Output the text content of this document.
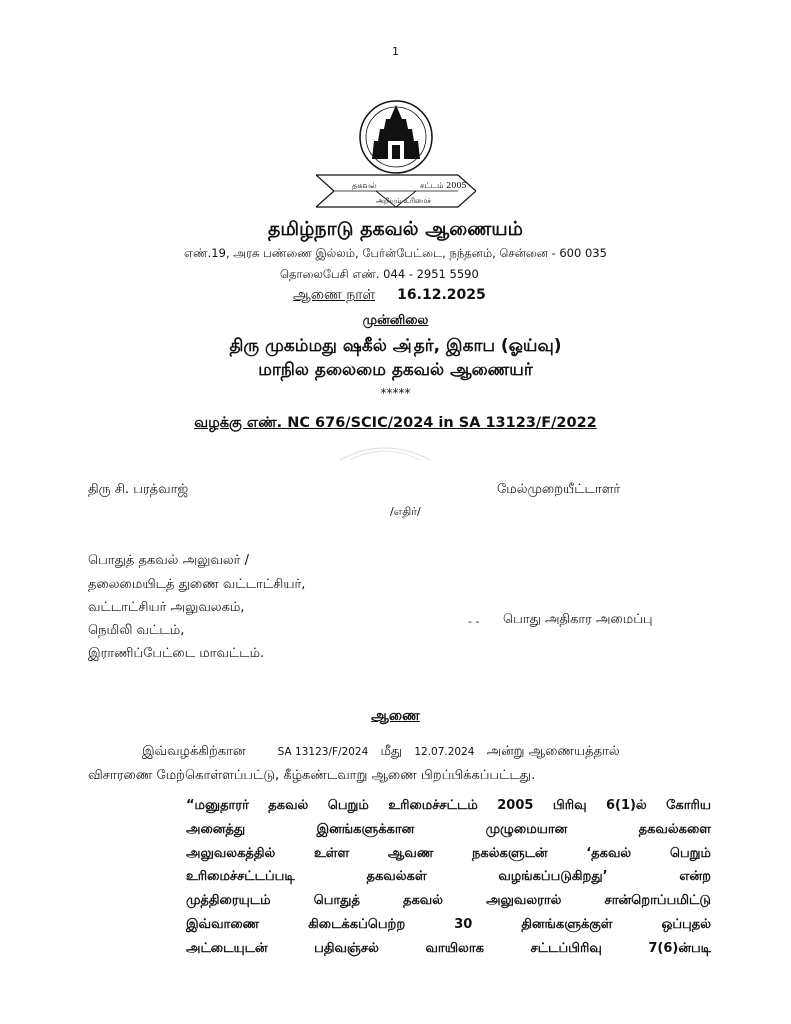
1
தகவல்	சட்டம் 2005
அறியும் உரிமைச்
தமிழ்நாடு தகவல் ஆணையம்
எண்.19, அரசு பண்ணை இல்லம், பேர்ன்பேட்டை, நந்தனம், சென்னை - 600 035
தொலைபேசி எண். 044 - 2951 5590
ஆணை நாள் 16.12.2025
முன்னிலை
திரு முகம்மது ஷகீல் அ்தர், இகாப (ஓய்வு)
மாநில தலைமை தகவல் ஆணையர்
*****
வழக்கு எண். NC 676/SCIC/2024 in SA 13123/F/2022
திரு சி. பரத்வாஜ்	மேல்முறையீட்டாளர்
/எதிர்/
பொதுத் தகவல் அலுவலர் /
தலைமையிடத் துணை வட்டாட்சியர்,
வட்டாட்சியர் அலுவலகம்,
நெமிலி வட்டம்,
இராணிப்பேட்டை மாவட்டம்.
- - பொது அதிகார அமைப்பு
ஆணை
இவ்வழக்கிற்கான	SA 13123/F/2024 மீது 12.07.2024 அன்று ஆணையத்தால்
விசாரணை மேற்கொள்ளப்பட்டு, கீழ்கண்டவாறு ஆணை பிறப்பிக்கப்பட்டது.
“மனுதாரர் தகவல் பெறும் உரிமைச்சட்டம் 2005 பிரிவு 6(1)ல் கோரிய
அனைத்து இனங்களுக்கான முழுமையான தகவல்களை
அலுவலகத்தில் உள்ள ஆவண நகல்களுடன் ‘தகவல் பெறும்
உரிமைச்சட்டப்படி தகவல்கள் வழங்கப்படுகிறது’ என்ற
முத்திரையுடம் பொதுத் தகவல் அலுவலரால் சான்றொப்பமிட்டு
இவ்வாணை கிடைக்கப்பெற்ற 30 தினங்களுக்குள் ஒப்புதல்
அட்டையுடன் பதிவஞ்சல் வாயிலாக சட்டப்பிரிவு 7(6)ன்படி
